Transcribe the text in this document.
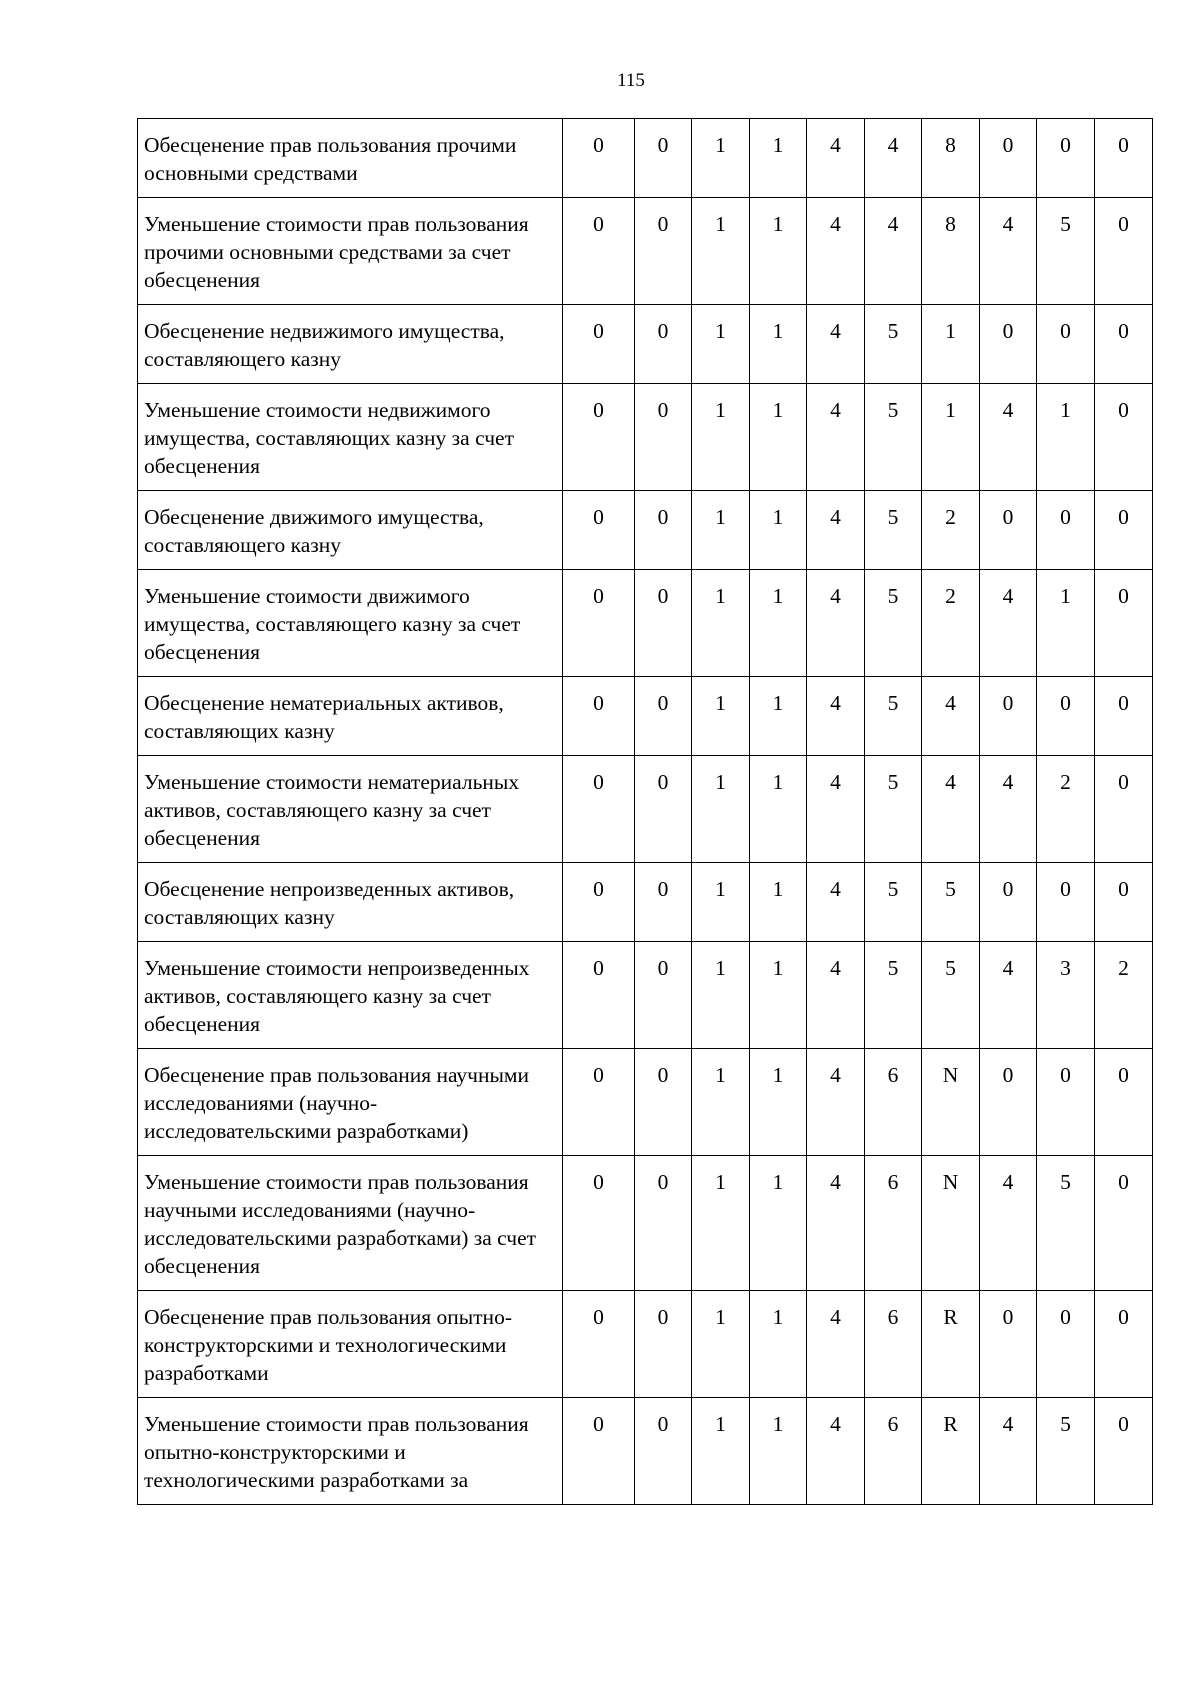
115
Обесценение прав пользования прочими основными средствами	0	0	1	1	4	4	8	0	0	0
Уменьшение стоимости прав пользования прочими основными средствами за счет обесценения	0	0	1	1	4	4	8	4	5	0
Обесценение недвижимого имущества, составляющего казну	0	0	1	1	4	5	1	0	0	0
Уменьшение стоимости недвижимого имущества, составляющих казну за счет обесценения	0	0	1	1	4	5	1	4	1	0
Обесценение движимого имущества, составляющего казну	0	0	1	1	4	5	2	0	0	0
Уменьшение стоимости движимого имущества, составляющего казну за счет обесценения	0	0	1	1	4	5	2	4	1	0
Обесценение нематериальных активов, составляющих казну	0	0	1	1	4	5	4	0	0	0
Уменьшение стоимости нематериальных активов, составляющего казну за счет обесценения	0	0	1	1	4	5	4	4	2	0
Обесценение непроизведенных активов, составляющих казну	0	0	1	1	4	5	5	0	0	0
Уменьшение стоимости непроизведенных активов, составляющего казну за счет обесценения	0	0	1	1	4	5	5	4	3	2
Обесценение прав пользования научными исследованиями (научно-исследовательскими разработками)	0	0	1	1	4	6	N	0	0	0
Уменьшение стоимости прав пользования научными исследованиями (научно-исследовательскими разработками) за счет обесценения	0	0	1	1	4	6	N	4	5	0
Обесценение прав пользования опытно-конструкторскими и технологическими разработками	0	0	1	1	4	6	R	0	0	0
Уменьшение стоимости прав пользования опытно-конструкторскими и технологическими разработками за	0	0	1	1	4	6	R	4	5	0
